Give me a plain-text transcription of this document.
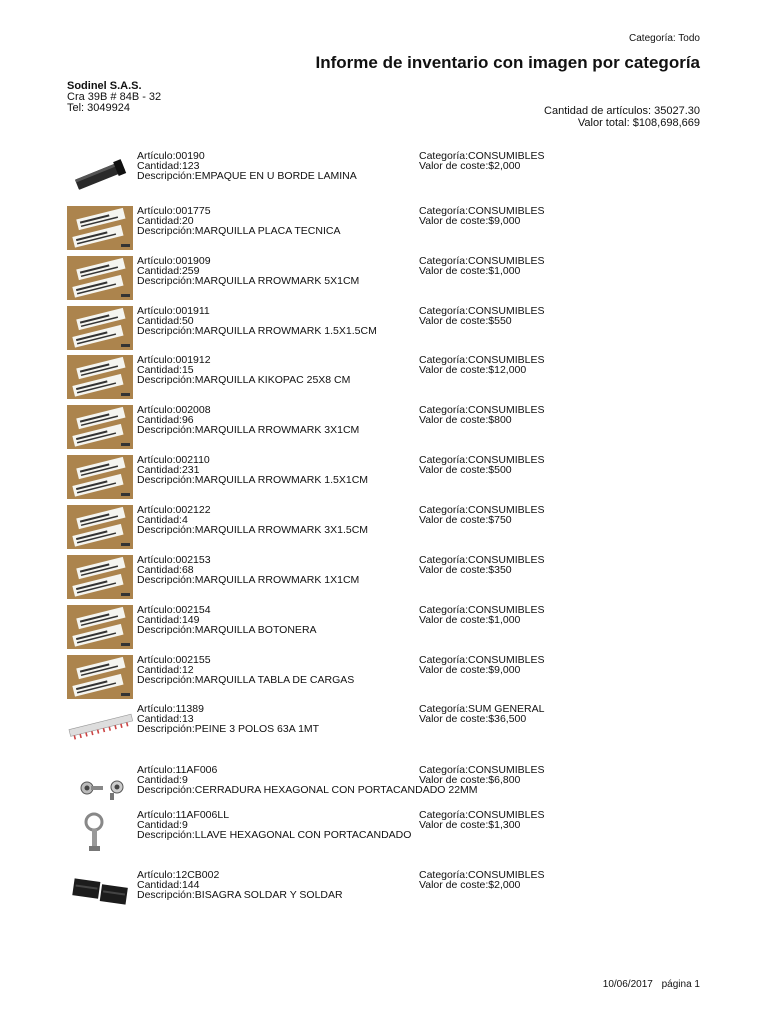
Categoría: Todo
Informe de inventario con imagen por categoría
Sodinel S.A.S.
Cra 39B # 84B - 32
Tel: 3049924	Cantidad de artículos: 35027.30
Valor total: $108,698,669
Artículo:00190
Cantidad:123
Descripción:EMPAQUE EN U BORDE LAMINA
Categoría:CONSUMIBLES
Valor de coste:$2,000
Artículo:001775
Cantidad:20
Descripción:MARQUILLA PLACA TECNICA
Categoría:CONSUMIBLES
Valor de coste:$9,000
Artículo:001909
Cantidad:259
Descripción:MARQUILLA RROWMARK 5X1CM
Categoría:CONSUMIBLES
Valor de coste:$1,000
Artículo:001911
Cantidad:50
Descripción:MARQUILLA RROWMARK 1.5X1.5CM
Categoría:CONSUMIBLES
Valor de coste:$550
Artículo:001912
Cantidad:15
Descripción:MARQUILLA KIKOPAC 25X8 CM
Categoría:CONSUMIBLES
Valor de coste:$12,000
Artículo:002008
Cantidad:96
Descripción:MARQUILLA RROWMARK 3X1CM
Categoría:CONSUMIBLES
Valor de coste:$800
Artículo:002110
Cantidad:231
Descripción:MARQUILLA RROWMARK 1.5X1CM
Categoría:CONSUMIBLES
Valor de coste:$500
Artículo:002122
Cantidad:4
Descripción:MARQUILLA RROWMARK 3X1.5CM
Categoría:CONSUMIBLES
Valor de coste:$750
Artículo:002153
Cantidad:68
Descripción:MARQUILLA RROWMARK 1X1CM
Categoría:CONSUMIBLES
Valor de coste:$350
Artículo:002154
Cantidad:149
Descripción:MARQUILLA BOTONERA
Categoría:CONSUMIBLES
Valor de coste:$1,000
Artículo:002155
Cantidad:12
Descripción:MARQUILLA TABLA DE CARGAS
Categoría:CONSUMIBLES
Valor de coste:$9,000
Artículo:11389
Cantidad:13
Descripción:PEINE 3 POLOS 63A 1MT
Categoría:SUM GENERAL
Valor de coste:$36,500
Artículo:11AF006
Cantidad:9
Descripción:CERRADURA HEXAGONAL CON PORTACANDADO 22MM
Categoría:CONSUMIBLES
Valor de coste:$6,800
Artículo:11AF006LL
Cantidad:9
Descripción:LLAVE HEXAGONAL CON PORTACANDADO
Categoría:CONSUMIBLES
Valor de coste:$1,300
Artículo:12CB002
Cantidad:144
Descripción:BISAGRA SOLDAR Y SOLDAR
Categoría:CONSUMIBLES
Valor de coste:$2,000
10/06/2017 página 1
